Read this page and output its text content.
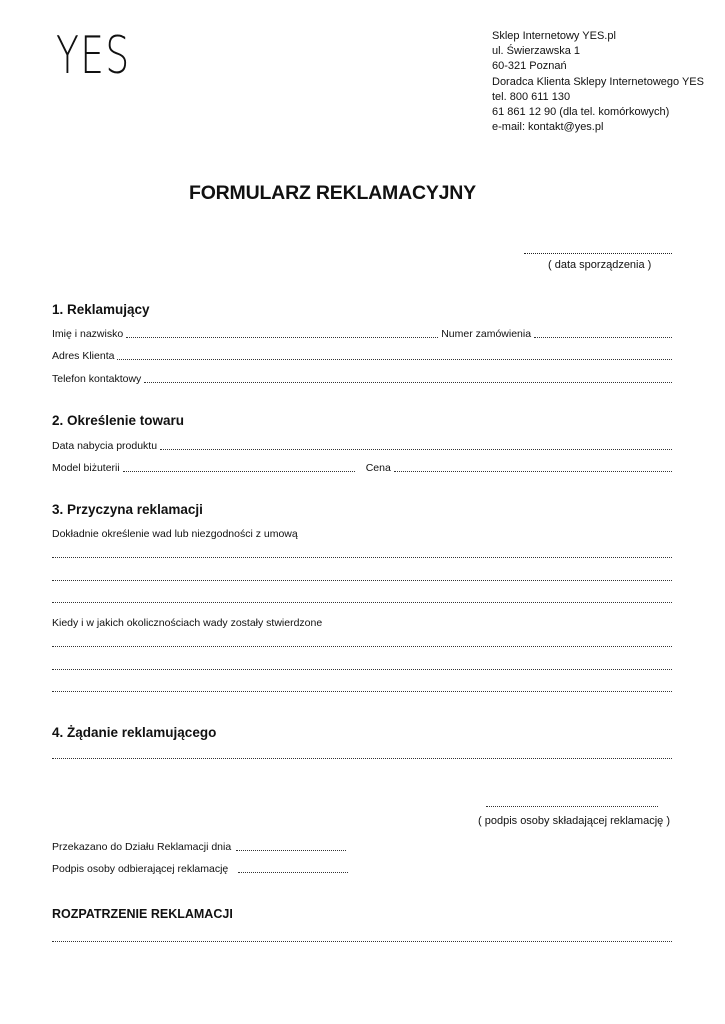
YES	Sklep Internetowy YES.pl
ul. Świerzawska 1
60-321 Poznań
Doradca Klienta Sklepy Internetowego YES
tel. 800 611 130
61 861 12 90 (dla tel. komórkowych)
e-mail: kontakt@yes.pl
FORMULARZ REKLAMACYJNY
( data sporządzenia )
1. Reklamujący
Imię i nazwisko	Numer zamówienia
Adres Klienta
Telefon kontaktowy
2. Określenie towaru
Data nabycia produktu
Model biżuterii	Cena
3. Przyczyna reklamacji
Dokładnie określenie wad lub niezgodności z umową
Kiedy i w jakich okolicznościach wady zostały stwierdzone
4. Żądanie reklamującego
( podpis osoby składającej reklamację )
Przekazano do Działu Reklamacji dnia
Podpis osoby odbierającej reklamację
ROZPATRZENIE REKLAMACJI
